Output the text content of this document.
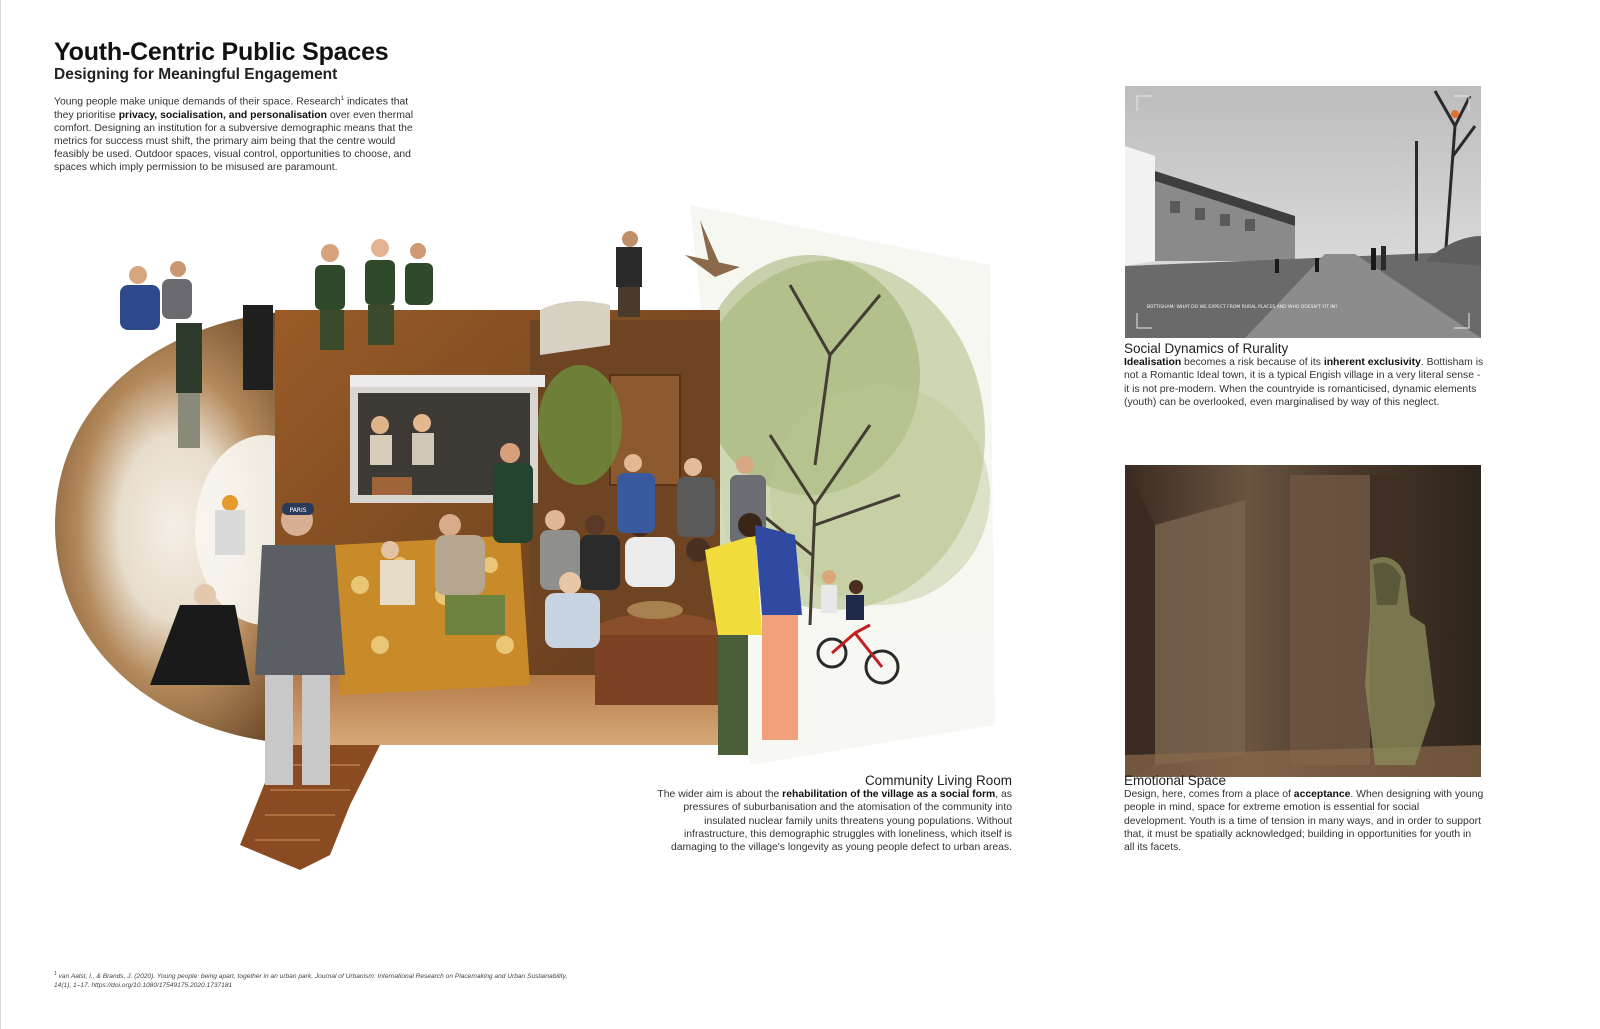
Youth-Centric Public Spaces
Designing for Meaningful Engagement

Young people make unique demands of their space. Research$^1$ indicates that they prioritise privacy, socialisation, and personalisation over even thermal comfort. Designing an institution for a subversive demographic means that the metrics for success must shift, the primary aim being that the centre would feasibly be used. Outdoor spaces, visual control, opportunities to choose, and spaces which imply permission to be misused are paramount.

PARIS
Community Living Room

The wider aim is about the rehabilitation of the village as a social form, as pressures of suburbanisation and the atomisation of the community into insulated nuclear family units threatens young populations. Without infrastructure, this demographic struggles with loneliness, which itself is damaging to the village's longevity as young people defect to urban areas.

BOTTISHAM: WHAT DO WE EXPECT FROM RURAL PLACES AND WHO DOESN'T FIT IN?
Social Dynamics of Rurality

Idealisation becomes a risk because of its inherent exclusivity. Bottisham is not a Romantic Ideal town, it is a typical Engish village in a very literal sense - it is not pre-modern. When the countryide is romanticised, dynamic elements (youth) can be overlooked, even marginalised by way of this neglect.

Emotional Space

Design, here, comes from a place of acceptance. When designing with young people in mind, space for extreme emotion is essential for social development. Youth is a time of tension in many ways, and in order to support that, it must be spatially acknowledged; building in opportunities for youth in all its facets.

$^1$ van Aalst, I., & Brands, J. (2020). Young people: being apart, together in an urban park. Journal of Urbanism: International Research on Placemaking and Urban Sustainability, 14(1), 1–17. https://doi.org/10.1080/17549175.2020.1737181
